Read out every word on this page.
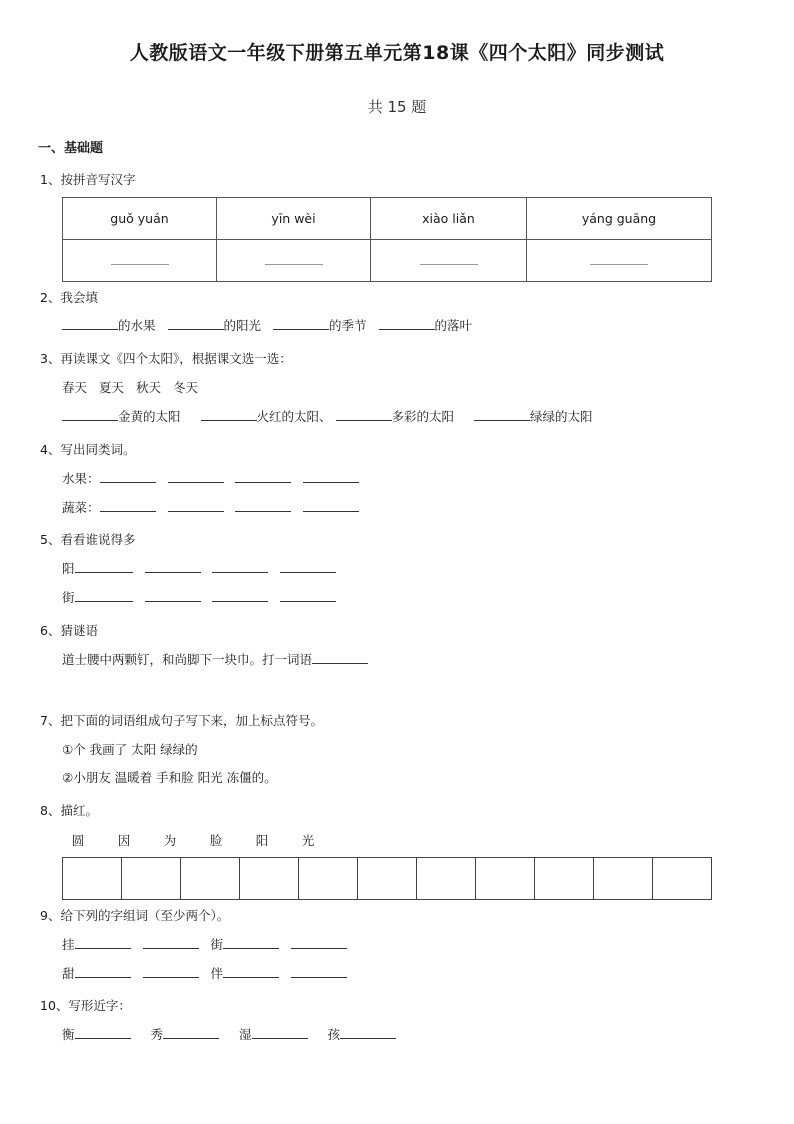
人教版语文一年级下册第五单元第18课《四个太阳》同步测试
共 15 题
一、基础题
1、按拼音写汉字
guǒ yuán	yīn wèi	xiào liǎn	yáng guāng

2、我会填
的水果	的阳光	的季节	的落叶
3、再读课文《四个太阳》，根据课文选一选：
春天 夏天 秋天 冬天
金黄的太阳	火红的太阳、	多彩的太阳	绿绿的太阳
4、写出同类词。
水果：
蔬菜：
5、看看谁说得多
阳
街
6、猜谜语
道士腰中两颗钉，和尚脚下一块巾。打一词语
7、把下面的词语组成句子写下来，加上标点符号。
①个 我画了 太阳 绿绿的
②小朋友 温暖着 手和脸 阳光 冻僵的。
8、描红。
圆	因	为	脸	阳	光

9、给下列的字组词（至少两个）。
挂	街
甜	伴
10、写形近字：
衡	秀	湿	孩
